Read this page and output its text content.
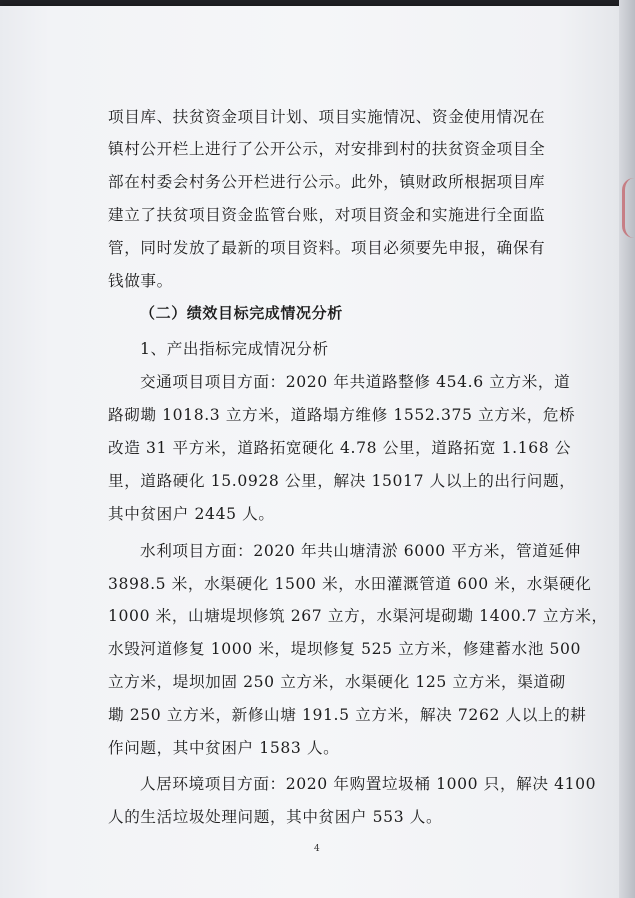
项目库、扶贫资金项目计划、项目实施情况、资金使用情况在
镇村公开栏上进行了公开公示，对安排到村的扶贫资金项目全
部在村委会村务公开栏进行公示。此外，镇财政所根据项目库
建立了扶贫项目资金监管台账，对项目资金和实施进行全面监
管，同时发放了最新的项目资料。项目必须要先申报，确保有
钱做事。
（二）绩效目标完成情况分析
1、产出指标完成情况分析
交通项目项目方面：2020 年共道路整修 454.6 立方米，道
路砌墈 1018.3 立方米，道路塌方维修 1552.375 立方米，危桥
改造 31 平方米，道路拓宽硬化 4.78 公里，道路拓宽 1.168 公
里，道路硬化 15.0928 公里，解决 15017 人以上的出行问题，
其中贫困户 2445 人。
水利项目方面：2020 年共山塘清淤 6000 平方米，管道延伸
3898.5 米，水渠硬化 1500 米，水田灌溉管道 600 米，水渠硬化
1000 米，山塘堤坝修筑 267 立方，水渠河堤砌墈 1400.7 立方米，
水毁河道修复 1000 米，堤坝修复 525 立方米，修建蓄水池 500
立方米，堤坝加固 250 立方米，水渠硬化 125 立方米，渠道砌
墈 250 立方米，新修山塘 191.5 立方米，解决 7262 人以上的耕
作问题，其中贫困户 1583 人。
人居环境项目方面：2020 年购置垃圾桶 1000 只，解决 4100
人的生活垃圾处理问题，其中贫困户 553 人。
4
